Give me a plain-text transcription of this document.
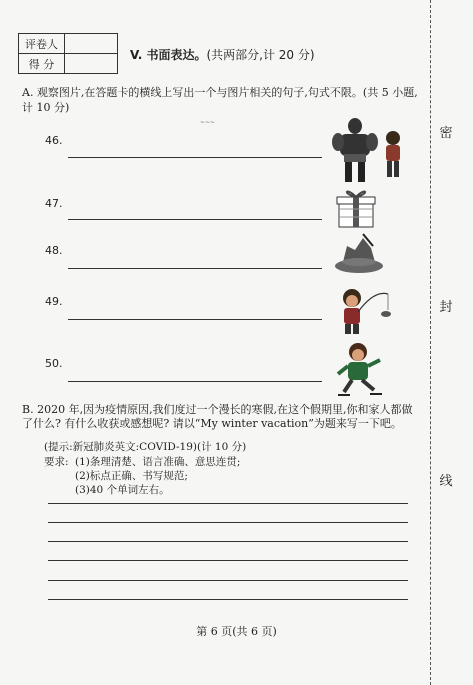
密
封
线
评卷人	
得 分	
V. 书面表达。(共两部分,计 20 分)
A. 观察图片,在答题卡的横线上写出一个与图片相关的句子,句式不限。(共 5 小题,计 10 分)
~~~
46.
47.
48.
49.
50.
B. 2020 年,因为疫情原因,我们度过一个漫长的寒假,在这个假期里,你和家人都做了什么? 有什么收获或感想呢? 请以“My winter vacation”为题来写一下吧。
(提示:新冠肺炎英文:COVID-19)(计 10 分)
要求: (1)条理清楚、语言准确、意思连贯;
(2)标点正确、书写规范;
(3)40 个单词左右。
第 6 页(共 6 页)
